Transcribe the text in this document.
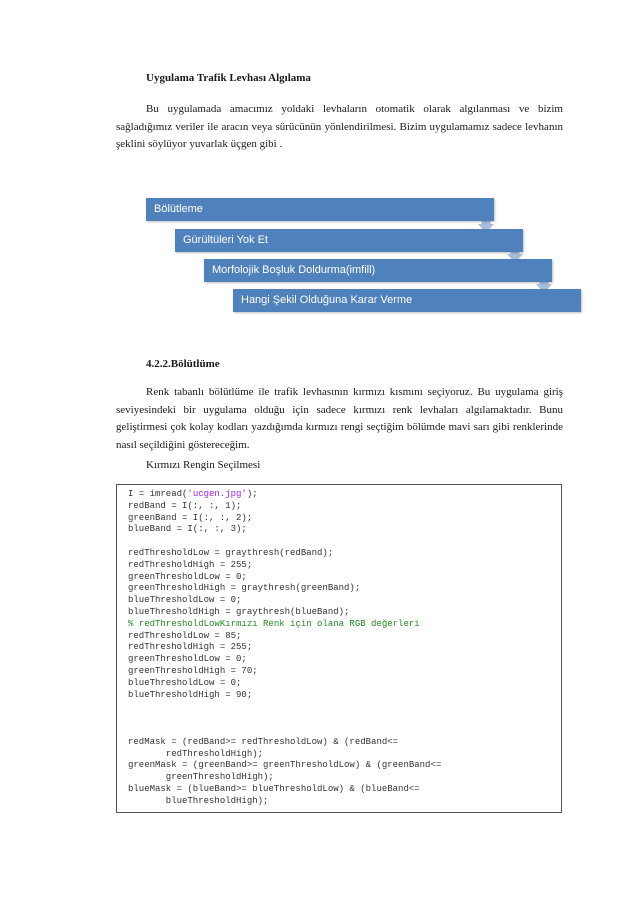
Uygulama Trafik Levhası Algılama
Bu uygulamada amacımız yoldaki levhaların otomatik olarak algılanması ve bizim sağladığımız veriler ile aracın veya sürücünün yönlendirilmesi. Bizim uygulamamız sadece levhanın şeklini söylüyor yuvarlak üçgen gibi .
Bölütleme
Gürültüleri Yok Et
Morfolojik Boşluk Doldurma(imfill)
Hangi Şekil Olduğuna Karar Verme
4.2.2.Bölütlüme
Renk tabanlı bölütlüme ile trafik levhasının kırmızı kısmını seçiyoruz. Bu uygulama giriş seviyesindeki bir uygulama olduğu için sadece kırmızı renk levhaları algılamaktadır. Bunu geliştirmesi çok kolay kodları yazdığımda kırmızı rengi seçtiğim bölümde mavi sarı gibi renklerinde nasıl seçildiğini göstereceğim.
Kırmızı Rengin Seçilmesi
I = imread('ucgen.jpg');
redBand = I(:, :, 1);
greenBand = I(:, :, 2);
blueBand = I(:, :, 3);
redThresholdLow = graythresh(redBand);
redThresholdHigh = 255;
greenThresholdLow = 0;
greenThresholdHigh = graythresh(greenBand);
blueThresholdLow = 0;
blueThresholdHigh = graythresh(blueBand);
% redThresholdLowKırmızı Renk için olana RGB değerleri
redThresholdLow = 85;
redThresholdHigh = 255;
greenThresholdLow = 0;
greenThresholdHigh = 70;
blueThresholdLow = 0;
blueThresholdHigh = 90;
redMask = (redBand>= redThresholdLow) & (redBand<=
redThresholdHigh);
greenMask = (greenBand>= greenThresholdLow) & (greenBand<=
greenThresholdHigh);
blueMask = (blueBand>= blueThresholdLow) & (blueBand<=
blueThresholdHigh);
